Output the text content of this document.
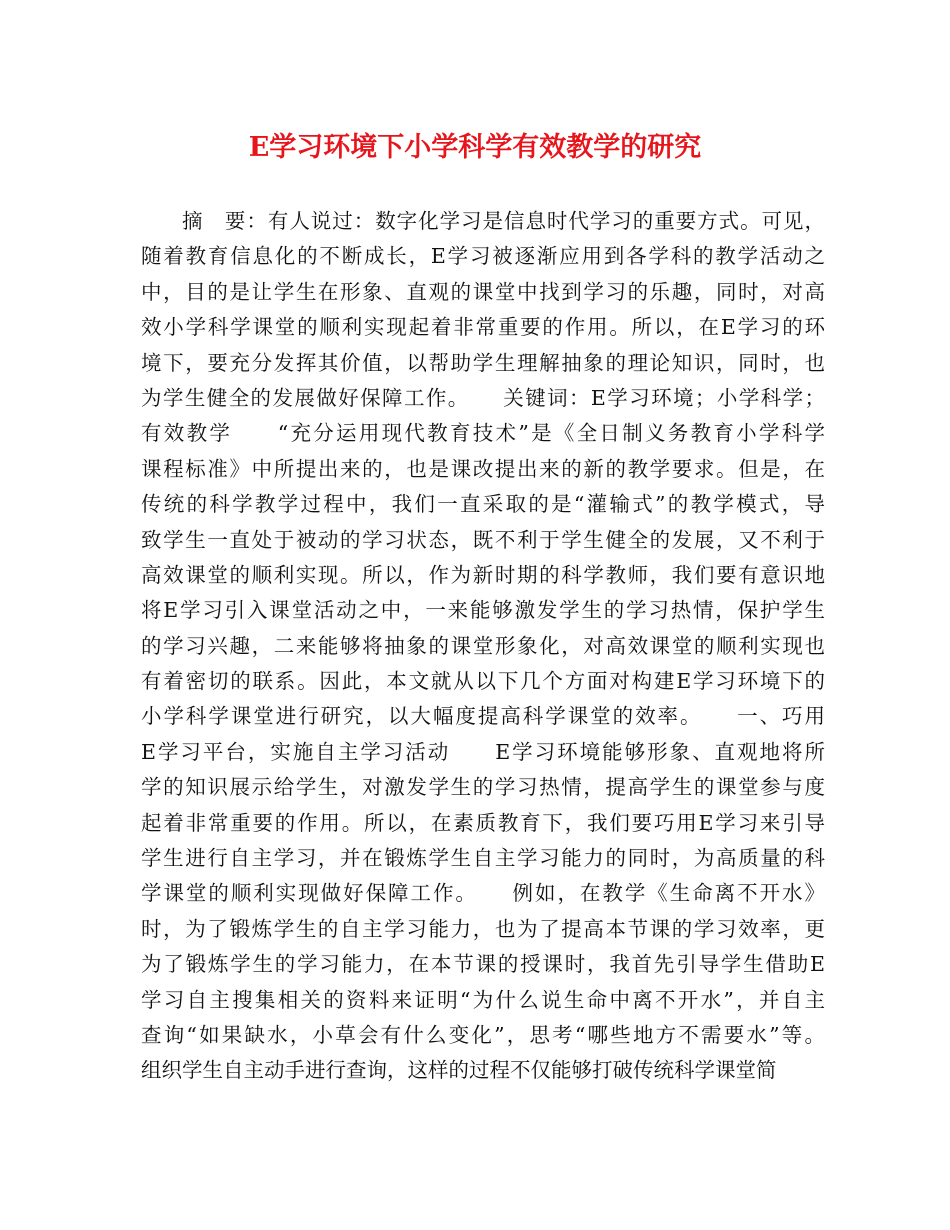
E学习环境下小学科学有效教学的研究
摘　要：有人说过：数字化学习是信息时代学习的重要方式。可见，
随着教育信息化的不断成长，E学习被逐渐应用到各学科的教学活动之
中，目的是让学生在形象、直观的课堂中找到学习的乐趣，同时，对高
效小学科学课堂的顺利实现起着非常重要的作用。所以，在E学习的环
境下，要充分发挥其价值，以帮助学生理解抽象的理论知识，同时，也
为学生健全的发展做好保障工作。　　关键词：E学习环境；小学科学；
有效教学　　“充分运用现代教育技术”是《全日制义务教育小学科学
课程标准》中所提出来的，也是课改提出来的新的教学要求。但是，在
传统的科学教学过程中，我们一直采取的是“灌输式”的教学模式，导
致学生一直处于被动的学习状态，既不利于学生健全的发展，又不利于
高效课堂的顺利实现。所以，作为新时期的科学教师，我们要有意识地
将E学习引入课堂活动之中，一来能够激发学生的学习热情，保护学生
的学习兴趣，二来能够将抽象的课堂形象化，对高效课堂的顺利实现也
有着密切的联系。因此，本文就从以下几个方面对构建E学习环境下的
小学科学课堂进行研究，以大幅度提高科学课堂的效率。　　一、巧用
E学习平台，实施自主学习活动　　E学习环境能够形象、直观地将所
学的知识展示给学生，对激发学生的学习热情，提高学生的课堂参与度
起着非常重要的作用。所以，在素质教育下，我们要巧用E学习来引导
学生进行自主学习，并在锻炼学生自主学习能力的同时，为高质量的科
学课堂的顺利实现做好保障工作。　　例如，在教学《生命离不开水》
时，为了锻炼学生的自主学习能力，也为了提高本节课的学习效率，更
为了锻炼学生的学习能力，在本节课的授课时，我首先引导学生借助E
学习自主搜集相关的资料来证明“为什么说生命中离不开水”，并自主
查询“如果缺水，小草会有什么变化”，思考“哪些地方不需要水”等。
组织学生自主动手进行查询，这样的过程不仅能够打破传统科学课堂简
